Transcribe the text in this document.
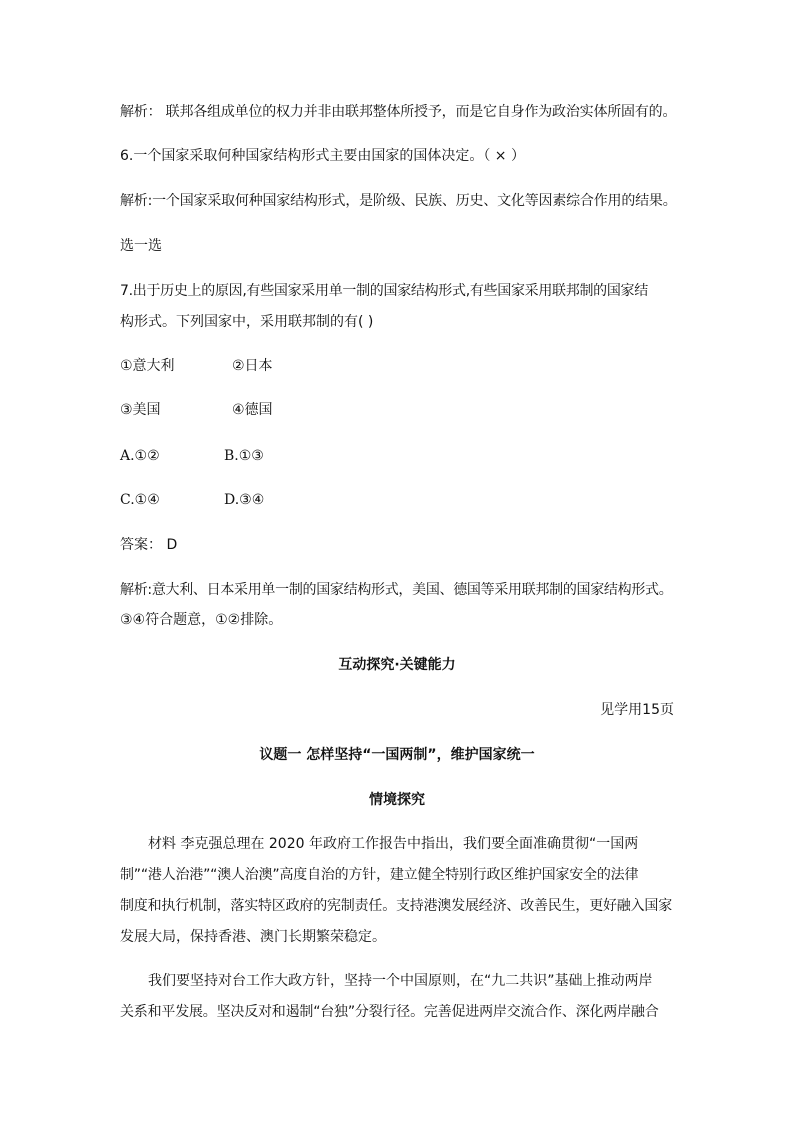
解析： 联邦各组成单位的权力并非由联邦整体所授予，而是它自身作为政治实体所固有的。
6.一个国家采取何种国家结构形式主要由国家的国体决定。（ × ）
解析:一个国家采取何种国家结构形式，是阶级、民族、历史、文化等因素综合作用的结果。
选一选
7.出于历史上的原因,有些国家采用单一制的国家结构形式,有些国家采用联邦制的国家结
构形式。下列国家中，采用联邦制的有( )
①意大利	②日本
③美国	④德国
A.①②	B.①③
C.①④	D.③④
答案： D
解析:意大利、日本采用单一制的国家结构形式，美国、德国等采用联邦制的国家结构形式。
③④符合题意，①②排除。
互动探究·关键能力
见学用15页
议题一 怎样坚持“一国两制”，维护国家统一
情境探究
材料 李克强总理在 2020 年政府工作报告中指出，我们要全面准确贯彻“一国两
制”“港人治港”“澳人治澳”高度自治的方针，建立健全特别行政区维护国家安全的法律
制度和执行机制，落实特区政府的宪制责任。支持港澳发展经济、改善民生，更好融入国家
发展大局，保持香港、澳门长期繁荣稳定。
我们要坚持对台工作大政方针，坚持一个中国原则，在“九二共识”基础上推动两岸
关系和平发展。坚决反对和遏制“台独”分裂行径。完善促进两岸交流合作、深化两岸融合
